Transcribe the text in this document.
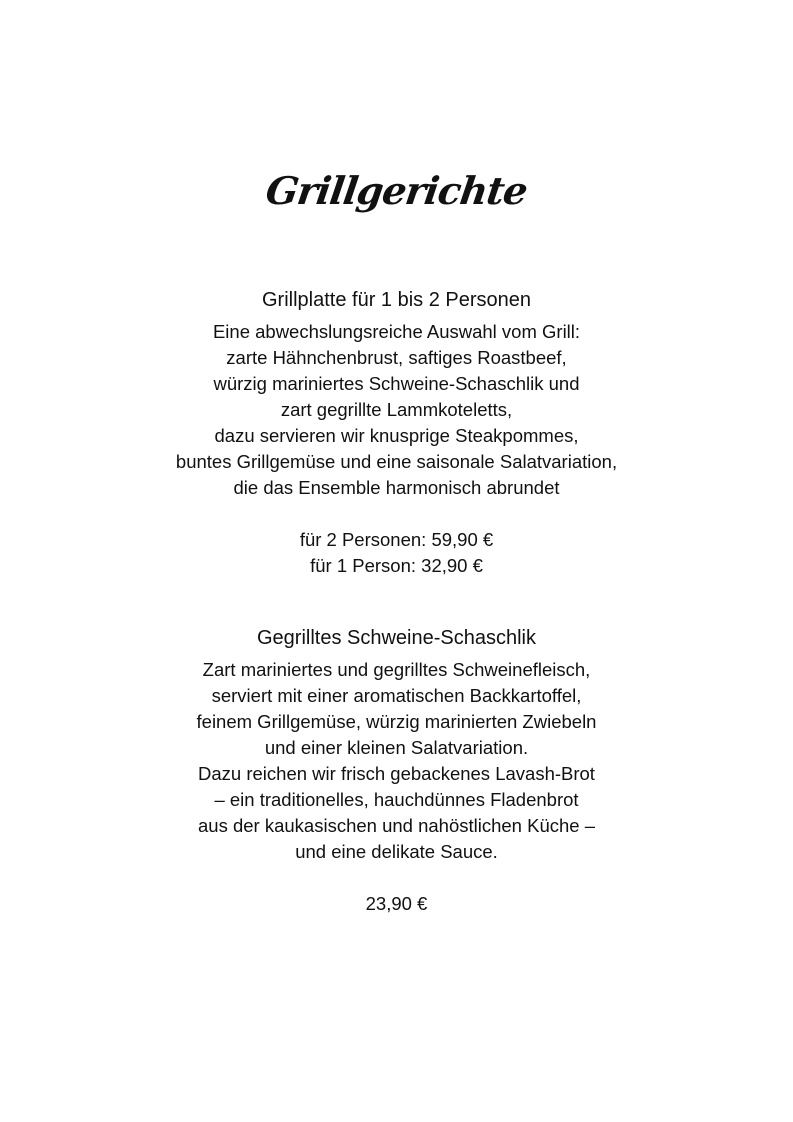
Grillgerichte
Grillplatte für 1 bis 2 Personen
Eine abwechslungsreiche Auswahl vom Grill:
zarte Hähnchenbrust, saftiges Roastbeef,
würzig mariniertes Schweine-Schaschlik und
zart gegrillte Lammkoteletts,
dazu servieren wir knusprige Steakpommes,
buntes Grillgemüse und eine saisonale Salatvariation,
die das Ensemble harmonisch abrundet
für 2 Personen: 59,90 €
für 1 Person: 32,90 €
Gegrilltes Schweine-Schaschlik
Zart mariniertes und gegrilltes Schweinefleisch,
serviert mit einer aromatischen Backkartoffel,
feinem Grillgemüse, würzig marinierten Zwiebeln
und einer kleinen Salatvariation.
Dazu reichen wir frisch gebackenes Lavash-Brot
– ein traditionelles, hauchdünnes Fladenbrot
aus der kaukasischen und nahöstlichen Küche –
und eine delikate Sauce.
23,90 €
